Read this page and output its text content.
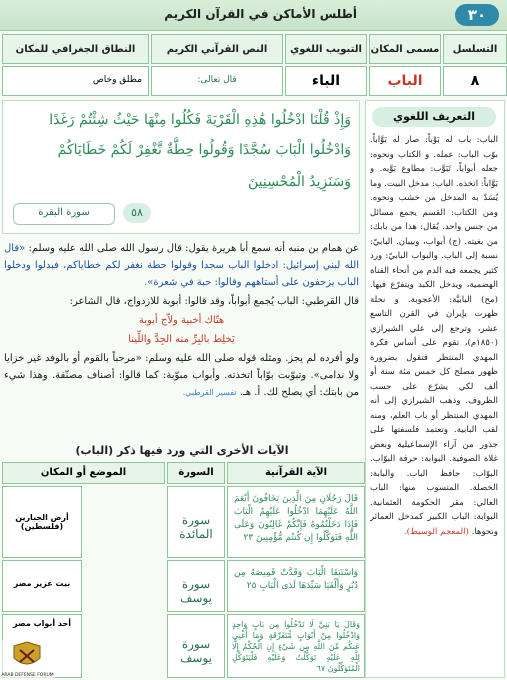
٣٠
أطلس الأماكن في القرآن الكريم
التسلسل
مسمى المكان
التبويب اللغوي
النص القرآني الكريم
النطاق الجغرافي للمكان
٨
الباب
الباء
قال تعالى:
مطلق وخاص
وَإِذْ قُلْنَا ادْخُلُوا هَٰذِهِ الْقَرْيَةَ فَكُلُوا مِنْهَا حَيْثُ شِئْتُمْ رَغَدًا
وَادْخُلُوا الْبَابَ سُجَّدًا وَقُولُوا حِطَّةٌ نَّغْفِرْ لَكُمْ خَطَايَاكُمْ
وَسَنَزِيدُ الْمُحْسِنِينَ
٥٨
سورة البقرة

عن همام بن منبه أنه سمع أبا هريرة يقول: قال رسول الله صلى الله عليه وسلم: «قال الله لبني إسرائيل: ادخلوا الباب سجدا وقولوا حطة نغفر لكم خطاياكم، فبدلوا ودخلوا الباب يزحفون على أستاههم وقالوا: حبة في شعرة».

قال القرطبي: الباب يُجمع أبواباً، وقد قالوا: أبوبة للازدواج، قال الشاعر:

هتّاك أخبية ولاّج أبوبة
يَخلِط بالبِرِّ منه الجِدَّ واللِّينا

ولو أفرده لم يجز. ومثله قوله صلى الله عليه وسلم: «مرحباً بالقوم أو بالوفد غير خزايا ولا ندامى». وتبوّبت بوّاباً اتخذته. وأبواب مبوّبة: كما قالوا: أصناف مصنّفة. وهذا شيء من بابتك: أي يصلح لك. أ. هـ. تفسير القرطبي.

الآيات الأخرى التي ورد فيها ذكر (الباب)
الآية القرآنية
السورة
الموضع أو المكان
قَالَ رَجُلَانِ مِنَ الَّذِينَ يَخَافُونَ أَنْعَمَ اللَّهُ عَلَيْهِمَا ادْخُلُوا عَلَيْهِمُ الْبَابَ فَإِذَا دَخَلْتُمُوهُ فَإِنَّكُمْ غَالِبُونَ وَعَلَى اللَّهِ فَتَوَكَّلُوا إِن كُنتُم مُّؤْمِنِينَ ٢٣
سورة المائدة
أرض الجبارين (فلسطين)
وَاسْتَبَقَا الْبَابَ وَقَدَّتْ قَمِيصَهُ مِن دُبُرٍ وَأَلْفَيَا سَيِّدَهَا لَدَى الْبَابِ ٢٥
سورة يوسف
بيت عزيز مصر
وَقَالَ يَا بَنِيَّ لَا تَدْخُلُوا مِن بَابٍ وَاحِدٍ وَادْخُلُوا مِنْ أَبْوَابٍ مُّتَفَرِّقَةٍ وَمَا أُغْنِي عَنكُم مِّنَ اللَّهِ مِن شَيْءٍ إِنِ الْحُكْمُ إِلَّا لِلَّهِ عَلَيْهِ تَوَكَّلْتُ وَعَلَيْهِ فَلْيَتَوَكَّلِ الْمُتَوَكِّلُونَ ٦٧
سورة يوسف
أحد أبواب مصر
التعريف اللغوي
الباب: باب له بَوْباً: صار له بَوَّاباً. بوّب الباب: عمله. و الكتاب ونحوه: جعله أبواباً. تَبَوَّب: مطاوع بَوَّبه. و بَوَّاباً: اتخذه. الباب: مدخل البيت. وما يُسَدّ به المدخل من خشب ونحوه. ومن الكتاب: القسم يجمع مسائل من جنس واحد. يُقال: هذا من بابك: من بغيته. (ج) أبواب، وبيبان. البابيّ: نسبة إلى الباب. والبواب البابيّ: ورد كثير يجمعه فيه الدم من أنحاء القناة الهضمية، ويدخل الكبد ويتفرّع فيها. (مح) البابيَّة: الأعجوبة. و نحلة ظهرت بإيران في القرن التاسع عشر، وترجع إلى علي الشيرازي (١٨٥٠م)، تقوم على أساس فكرة المهدي المنتظر فتقول بضرورة ظهور مصلح كل خمس مئة سنة أو ألف لكي يشرّع على حسب الظروف. وذهب الشيرازي إلى أنه المهدي المنتظر أو باب العلم، ومنه لقب البابية. وتعتمد فلسفتها على جذور من آراء الإسماعيلية وبعض غلاة الصوفية. البوابة: حرفة البوّاب. البوّاب: حافظ الباب. والبابة: الخصلة. المنسوب منها: الباب العالي: مقر الحكومة العثمانية. البوابة: الباب الكبير كمدخل العمائر ونحوها. (المعجم الوسيط).
ARAB DEFENSE FORUM
